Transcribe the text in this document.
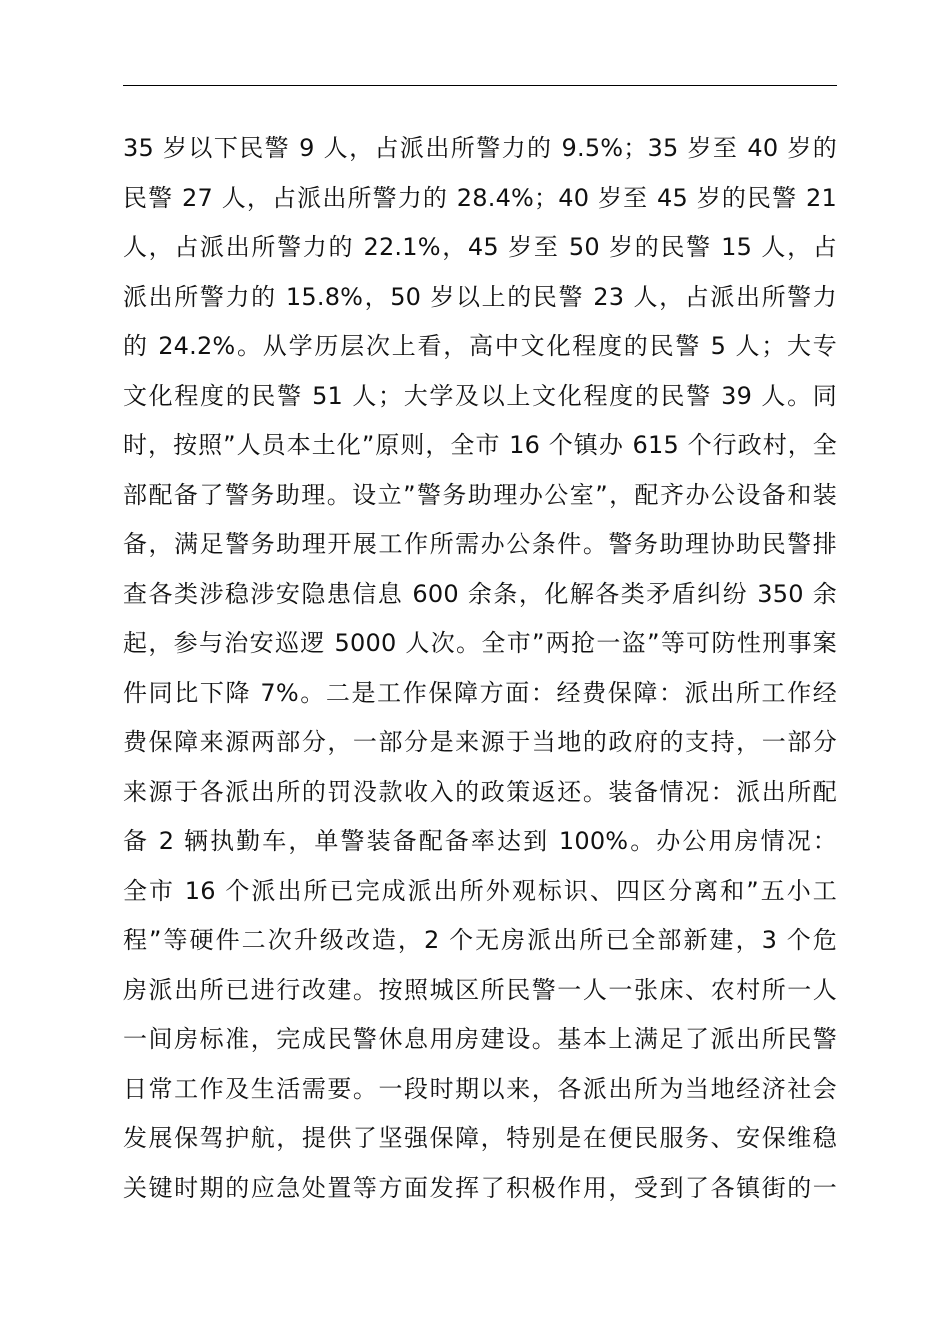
35 岁以下民警 9 人，占派出所警力的 9.5%；35 岁至 40 岁的
民警 27 人，占派出所警力的 28.4%；40 岁至 45 岁的民警 21
人，占派出所警力的 22.1%，45 岁至 50 岁的民警 15 人，占
派出所警力的 15.8%，50 岁以上的民警 23 人，占派出所警力
的 24.2%。从学历层次上看，高中文化程度的民警 5 人；大专
文化程度的民警 51 人；大学及以上文化程度的民警 39 人。同
时，按照”人员本土化”原则，全市 16 个镇办 615 个行政村，全
部配备了警务助理。设立”警务助理办公室”，配齐办公设备和装
备，满足警务助理开展工作所需办公条件。警务助理协助民警排
查各类涉稳涉安隐患信息 600 余条，化解各类矛盾纠纷 350 余
起，参与治安巡逻 5000 人次。全市”两抢一盗”等可防性刑事案
件同比下降 7%。二是工作保障方面：经费保障：派出所工作经
费保障来源两部分，一部分是来源于当地的政府的支持，一部分
来源于各派出所的罚没款收入的政策返还。装备情况：派出所配
备 2 辆执勤车，单警装备配备率达到 100%。办公用房情况：
全市 16 个派出所已完成派出所外观标识、四区分离和”五小工
程”等硬件二次升级改造，2 个无房派出所已全部新建，3 个危
房派出所已进行改建。按照城区所民警一人一张床、农村所一人
一间房标准，完成民警休息用房建设。基本上满足了派出所民警
日常工作及生活需要。一段时期以来，各派出所为当地经济社会
发展保驾护航，提供了坚强保障，特别是在便民服务、安保维稳
关键时期的应急处置等方面发挥了积极作用，受到了各镇街的一
